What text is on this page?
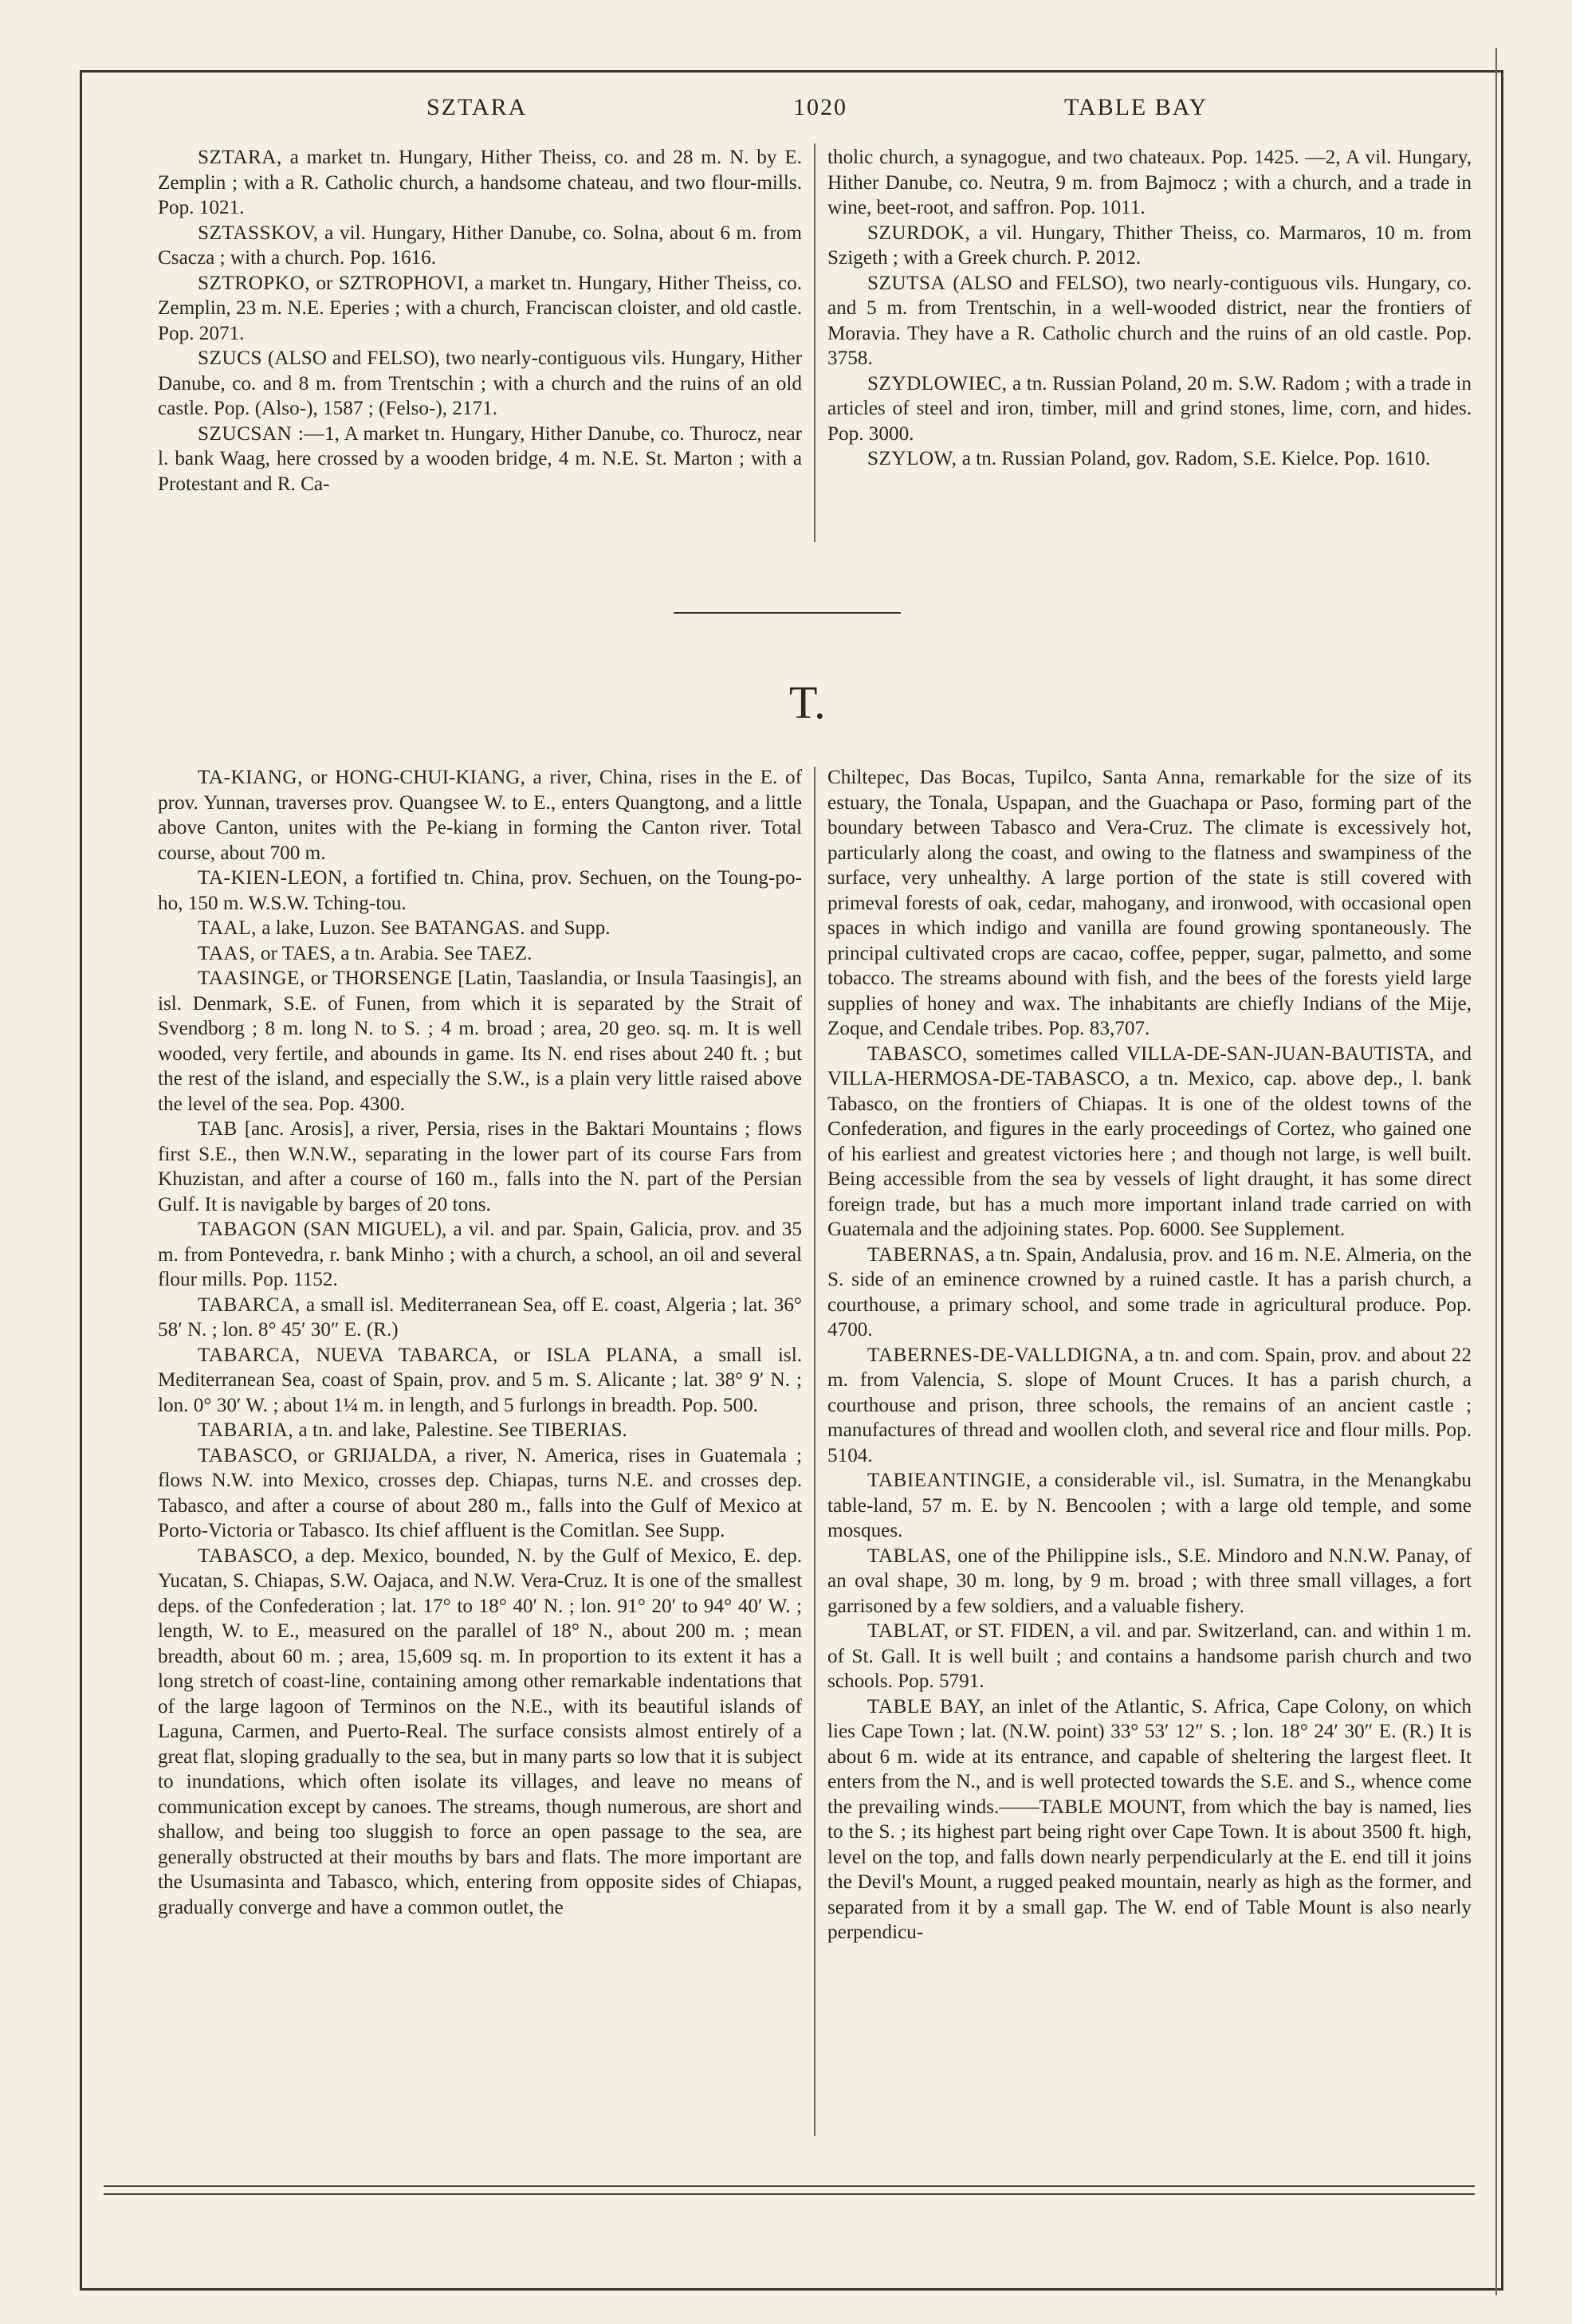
SZTARA	1020	TABLE BAY

SZTARA, a market tn. Hungary, Hither Theiss, co. and 28 m. N. by E. Zemplin ; with a R. Catholic church, a handsome chateau, and two flour-mills. Pop. 1021.

SZTASSKOV, a vil. Hungary, Hither Danube, co. Solna, about 6 m. from Csacza ; with a church. Pop. 1616.

SZTROPKO, or SZTROPHOVI, a market tn. Hungary, Hither Theiss, co. Zemplin, 23 m. N.E. Eperies ; with a church, Franciscan cloister, and old castle. Pop. 2071.

SZUCS (ALSO and FELSO), two nearly-contiguous vils. Hungary, Hither Danube, co. and 8 m. from Trentschin ; with a church and the ruins of an old castle. Pop. (Also-), 1587 ; (Felso-), 2171.

SZUCSAN :—1, A market tn. Hungary, Hither Danube, co. Thurocz, near l. bank Waag, here crossed by a wooden bridge, 4 m. N.E. St. Marton ; with a Protestant and R. Ca-

tholic church, a synagogue, and two chateaux. Pop. 1425. —2, A vil. Hungary, Hither Danube, co. Neutra, 9 m. from Bajmocz ; with a church, and a trade in wine, beet-root, and saffron. Pop. 1011.

SZURDOK, a vil. Hungary, Thither Theiss, co. Marmaros, 10 m. from Szigeth ; with a Greek church. P. 2012.

SZUTSA (ALSO and FELSO), two nearly-contiguous vils. Hungary, co. and 5 m. from Trentschin, in a well-wooded district, near the frontiers of Moravia. They have a R. Catholic church and the ruins of an old castle. Pop. 3758.

SZYDLOWIEC, a tn. Russian Poland, 20 m. S.W. Radom ; with a trade in articles of steel and iron, timber, mill and grind stones, lime, corn, and hides. Pop. 3000.

SZYLOW, a tn. Russian Poland, gov. Radom, S.E. Kielce. Pop. 1610.

T.

TA-KIANG, or HONG-CHUI-KIANG, a river, China, rises in the E. of prov. Yunnan, traverses prov. Quangsee W. to E., enters Quangtong, and a little above Canton, unites with the Pe-kiang in forming the Canton river. Total course, about 700 m.

TA-KIEN-LEON, a fortified tn. China, prov. Sechuen, on the Toung-po-ho, 150 m. W.S.W. Tching-tou.

TAAL, a lake, Luzon. See BATANGAS. and Supp.

TAAS, or TAES, a tn. Arabia. See TAEZ.

TAASINGE, or THORSENGE [Latin, Taaslandia, or Insula Taasingis], an isl. Denmark, S.E. of Funen, from which it is separated by the Strait of Svendborg ; 8 m. long N. to S. ; 4 m. broad ; area, 20 geo. sq. m. It is well wooded, very fertile, and abounds in game. Its N. end rises about 240 ft. ; but the rest of the island, and especially the S.W., is a plain very little raised above the level of the sea. Pop. 4300.

TAB [anc. Arosis], a river, Persia, rises in the Baktari Mountains ; flows first S.E., then W.N.W., separating in the lower part of its course Fars from Khuzistan, and after a course of 160 m., falls into the N. part of the Persian Gulf. It is navigable by barges of 20 tons.

TABAGON (SAN MIGUEL), a vil. and par. Spain, Galicia, prov. and 35 m. from Pontevedra, r. bank Minho ; with a church, a school, an oil and several flour mills. Pop. 1152.

TABARCA, a small isl. Mediterranean Sea, off E. coast, Algeria ; lat. 36° 58′ N. ; lon. 8° 45′ 30″ E. (R.)

TABARCA, NUEVA TABARCA, or ISLA PLANA, a small isl. Mediterranean Sea, coast of Spain, prov. and 5 m. S. Alicante ; lat. 38° 9′ N. ; lon. 0° 30′ W. ; about 1¼ m. in length, and 5 furlongs in breadth. Pop. 500.

TABARIA, a tn. and lake, Palestine. See TIBERIAS.

TABASCO, or GRIJALDA, a river, N. America, rises in Guatemala ; flows N.W. into Mexico, crosses dep. Chiapas, turns N.E. and crosses dep. Tabasco, and after a course of about 280 m., falls into the Gulf of Mexico at Porto-Victoria or Tabasco. Its chief affluent is the Comitlan. See Supp.

TABASCO, a dep. Mexico, bounded, N. by the Gulf of Mexico, E. dep. Yucatan, S. Chiapas, S.W. Oajaca, and N.W. Vera-Cruz. It is one of the smallest deps. of the Confederation ; lat. 17° to 18° 40′ N. ; lon. 91° 20′ to 94° 40′ W. ; length, W. to E., measured on the parallel of 18° N., about 200 m. ; mean breadth, about 60 m. ; area, 15,609 sq. m. In proportion to its extent it has a long stretch of coast-line, containing among other remarkable indentations that of the large lagoon of Terminos on the N.E., with its beautiful islands of Laguna, Carmen, and Puerto-Real. The surface consists almost entirely of a great flat, sloping gradually to the sea, but in many parts so low that it is subject to inundations, which often isolate its villages, and leave no means of communication except by canoes. The streams, though numerous, are short and shallow, and being too sluggish to force an open passage to the sea, are generally obstructed at their mouths by bars and flats. The more important are the Usumasinta and Tabasco, which, entering from opposite sides of Chiapas, gradually converge and have a common outlet, the

Chiltepec, Das Bocas, Tupilco, Santa Anna, remarkable for the size of its estuary, the Tonala, Uspapan, and the Guachapa or Paso, forming part of the boundary between Tabasco and Vera-Cruz. The climate is excessively hot, particularly along the coast, and owing to the flatness and swampiness of the surface, very unhealthy. A large portion of the state is still covered with primeval forests of oak, cedar, mahogany, and ironwood, with occasional open spaces in which indigo and vanilla are found growing spontaneously. The principal cultivated crops are cacao, coffee, pepper, sugar, palmetto, and some tobacco. The streams abound with fish, and the bees of the forests yield large supplies of honey and wax. The inhabitants are chiefly Indians of the Mije, Zoque, and Cendale tribes. Pop. 83,707.

TABASCO, sometimes called VILLA-DE-SAN-JUAN-BAUTISTA, and VILLA-HERMOSA-DE-TABASCO, a tn. Mexico, cap. above dep., l. bank Tabasco, on the frontiers of Chiapas. It is one of the oldest towns of the Confederation, and figures in the early proceedings of Cortez, who gained one of his earliest and greatest victories here ; and though not large, is well built. Being accessible from the sea by vessels of light draught, it has some direct foreign trade, but has a much more important inland trade carried on with Guatemala and the adjoining states. Pop. 6000. See Supplement.

TABERNAS, a tn. Spain, Andalusia, prov. and 16 m. N.E. Almeria, on the S. side of an eminence crowned by a ruined castle. It has a parish church, a courthouse, a primary school, and some trade in agricultural produce. Pop. 4700.

TABERNES-DE-VALLDIGNA, a tn. and com. Spain, prov. and about 22 m. from Valencia, S. slope of Mount Cruces. It has a parish church, a courthouse and prison, three schools, the remains of an ancient castle ; manufactures of thread and woollen cloth, and several rice and flour mills. Pop. 5104.

TABIEANTINGIE, a considerable vil., isl. Sumatra, in the Menangkabu table-land, 57 m. E. by N. Bencoolen ; with a large old temple, and some mosques.

TABLAS, one of the Philippine isls., S.E. Mindoro and N.N.W. Panay, of an oval shape, 30 m. long, by 9 m. broad ; with three small villages, a fort garrisoned by a few soldiers, and a valuable fishery.

TABLAT, or ST. FIDEN, a vil. and par. Switzerland, can. and within 1 m. of St. Gall. It is well built ; and contains a handsome parish church and two schools. Pop. 5791.

TABLE BAY, an inlet of the Atlantic, S. Africa, Cape Colony, on which lies Cape Town ; lat. (N.W. point) 33° 53′ 12″ S. ; lon. 18° 24′ 30″ E. (R.) It is about 6 m. wide at its entrance, and capable of sheltering the largest fleet. It enters from the N., and is well protected towards the S.E. and S., whence come the prevailing winds.——TABLE MOUNT, from which the bay is named, lies to the S. ; its highest part being right over Cape Town. It is about 3500 ft. high, level on the top, and falls down nearly perpendicularly at the E. end till it joins the Devil's Mount, a rugged peaked mountain, nearly as high as the former, and separated from it by a small gap. The W. end of Table Mount is also nearly perpendicu-
